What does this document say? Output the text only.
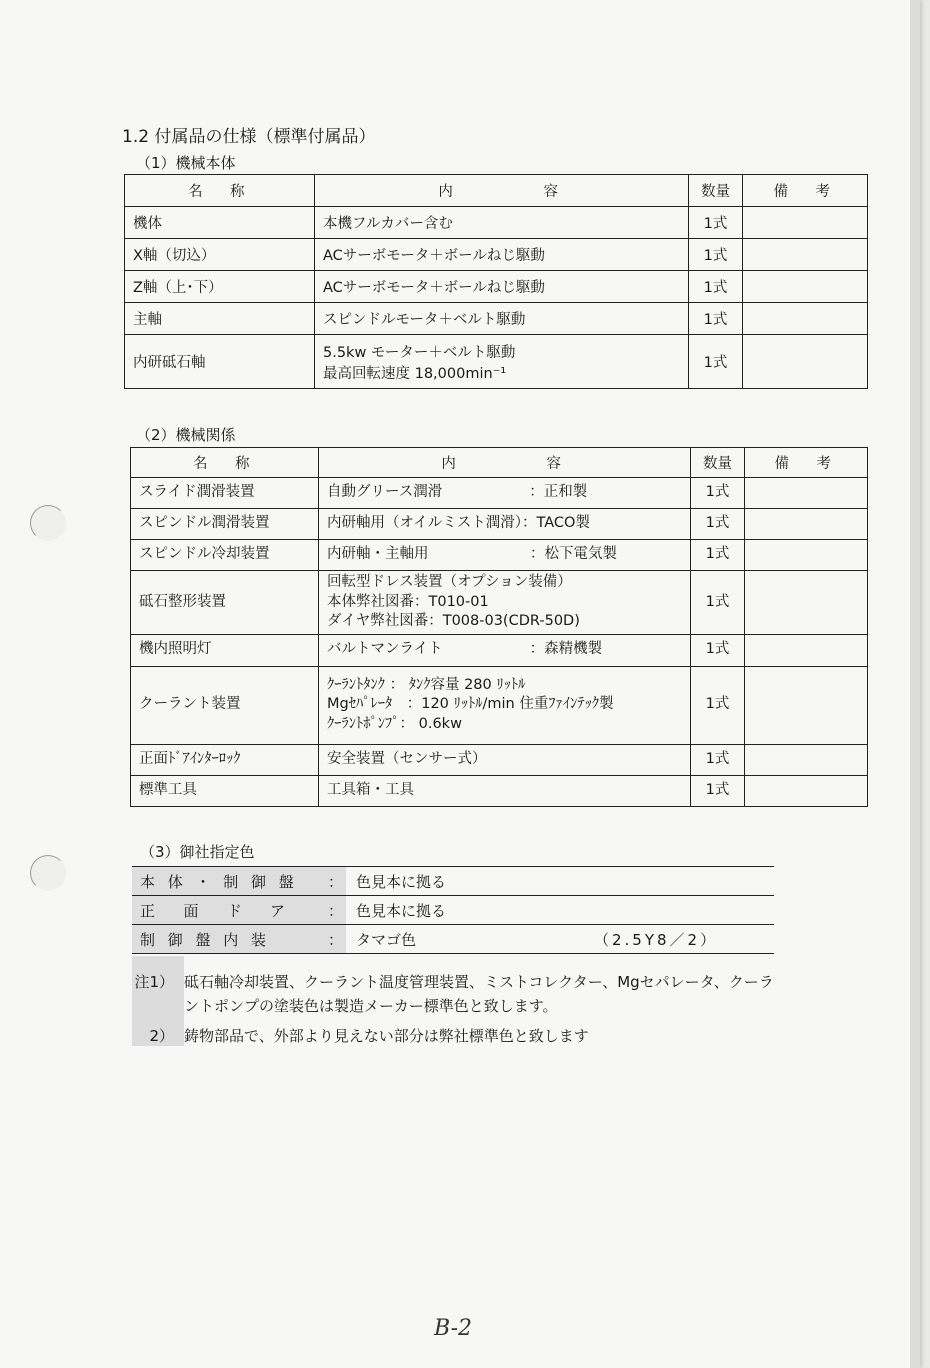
1.2 付属品の仕様（標準付属品）
（1）機械本体
名　称	内　　　　容	数量	備　考
機体	本機フルカバー含む	1式	
X軸（切込）	ACサーボモータ＋ボールねじ駆動	1式	
Z軸（上･下）	ACサーボモータ＋ボールねじ駆動	1式	
主軸	スピンドルモータ＋ベルト駆動	1式	
内研砥石軸	5.5kw モーター＋ベルト駆動
最高回転速度 18,000min⁻¹	1式	
（2）機械関係
名　称	内　　　　容	数量	備　考
スライド潤滑装置	自動グリース潤滑　　　　　　：正和製	1式	
スピンドル潤滑装置	内研軸用（オイルミスト潤滑）：TACO製	1式	
スピンドル冷却装置	内研軸・主軸用　　　　　　　：松下電気製	1式	
砥石整形装置	回転型ドレス装置（オプション装備）
本体弊社図番：T010-01
ダイヤ弊社図番：T008-03(CDR-50D)	1式	
機内照明灯	バルトマンライト　　　　　　：森精機製	1式	
クーラント装置	ｸｰﾗﾝﾄﾀﾝｸ ： ﾀﾝｸ容量 280 ﾘｯﾄﾙ
Mgｾﾊﾟﾚｰﾀ　：120 ﾘｯﾄﾙ/min 住重ﾌｧｲﾝﾃｯｸ製
ｸｰﾗﾝﾄﾎﾟﾝﾌﾟ： 0.6kw	1式	
正面ﾄﾞｱｲﾝﾀｰﾛｯｸ	安全装置（センサー式）	1式	
標準工具	工具箱・工具	1式	
（3）御社指定色
本体・制御盤	： 色見本に拠る
正面ドア ： 色見本に拠る
制御盤内装	： タマゴ色	（2.5Y8／2）
注1） 砥石軸冷却装置、クーラント温度管理装置、ミストコレクター、Mgセパレータ、クーラントポンプの塗装色は製造メーカー標準色と致します。
2） 鋳物部品で、外部より見えない部分は弊社標準色と致します
B-2
